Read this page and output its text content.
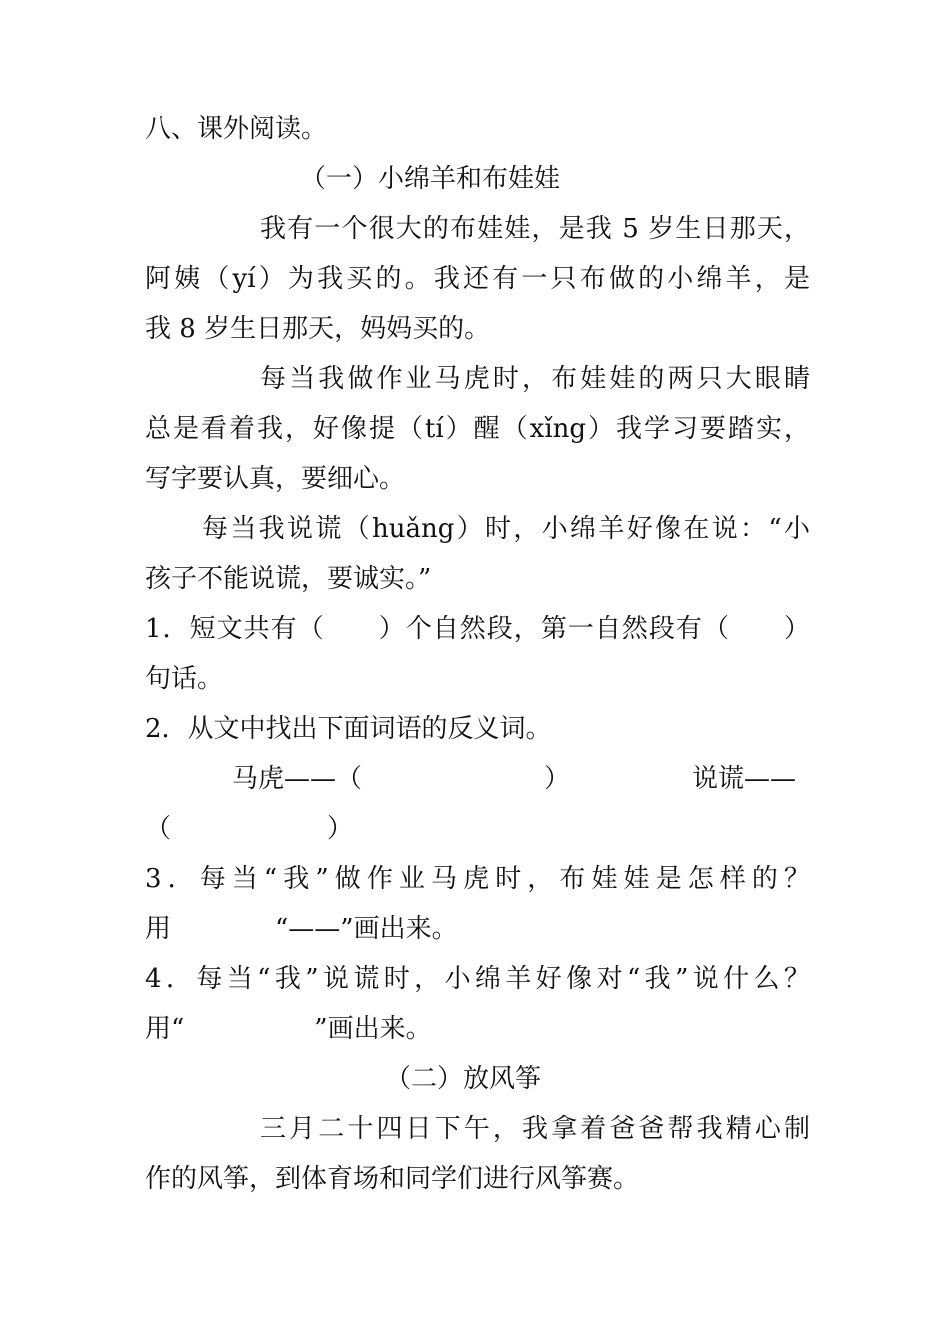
八、课外阅读。
（一）小绵羊和布娃娃
我有一个很大的布娃娃，是我 5 岁生日那天，
阿姨（yí）为我买的。我还有一只布做的小绵羊，是
我 8 岁生日那天，妈妈买的。
每当我做作业马虎时，布娃娃的两只大眼睛
总是看着我，好像提（tí）醒（xǐng）我学习要踏实，
写字要认真，要细心。
每当我说谎（huǎng）时，小绵羊好像在说：“小
孩子不能说谎，要诚实。”
1．短文共有（　　）个自然段，第一自然段有（　　）
句话。
2．从文中找出下面词语的反义词。
马虎——（　　　　　　　）	说谎——
（　　　　　　）
3．每当“我”做作业马虎时，布娃娃是怎样的？
用　　　　“——”画出来。
4．每当“我”说谎时，小绵羊好像对“我”说什么？
用“　　　　　”画出来。
（二）放风筝
三月二十四日下午，我拿着爸爸帮我精心制
作的风筝，到体育场和同学们进行风筝赛。
